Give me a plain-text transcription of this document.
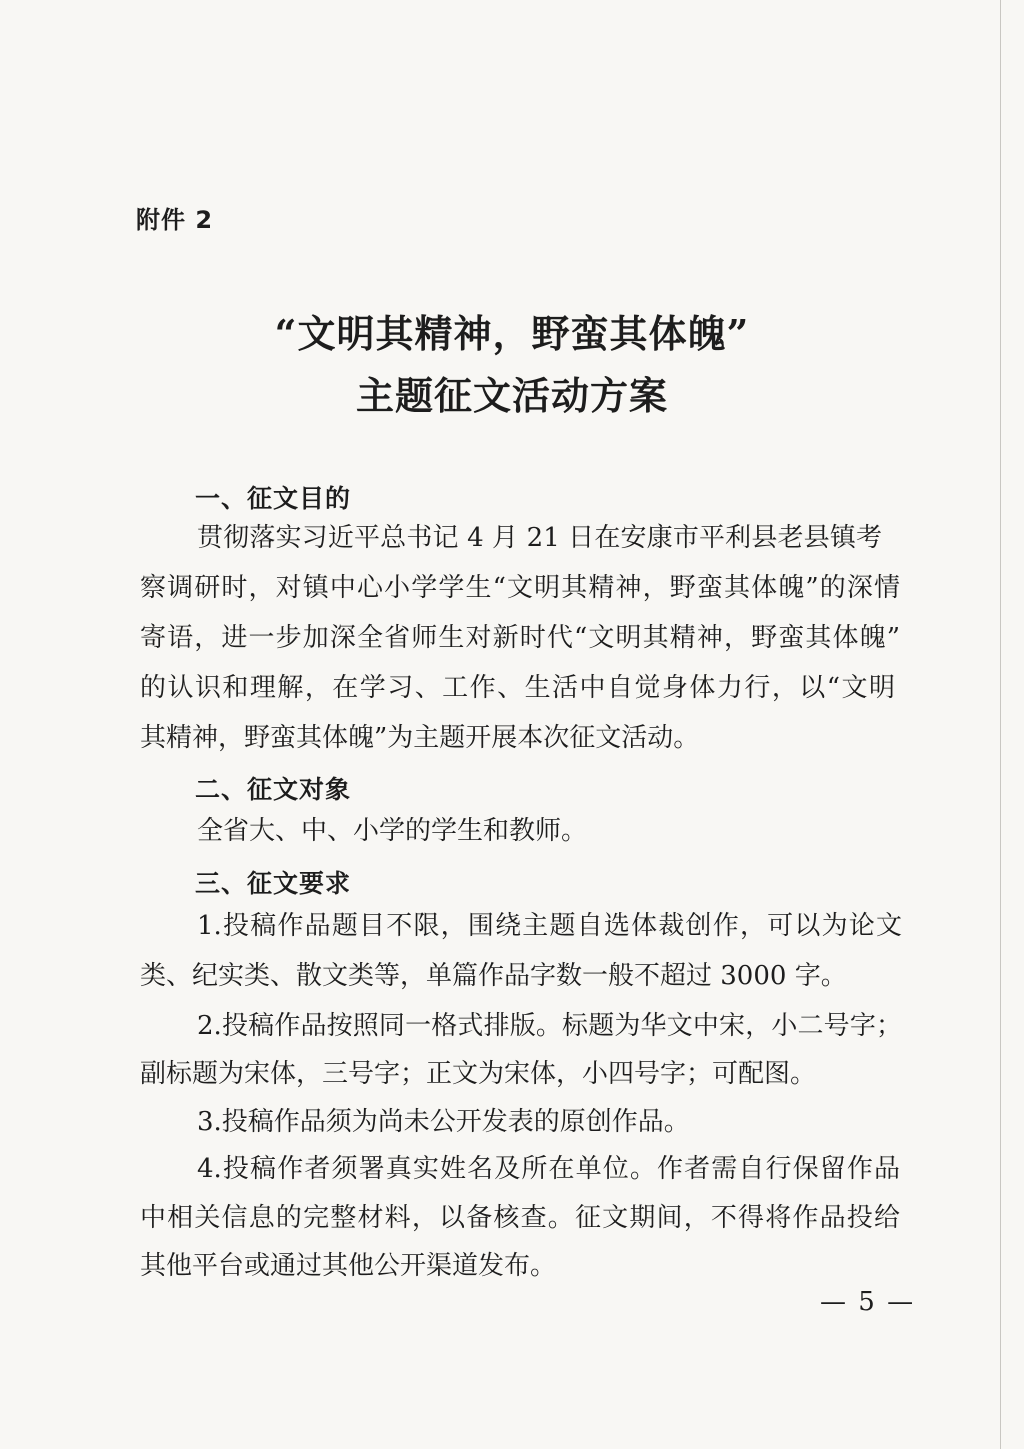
附件 2
“文明其精神，野蛮其体魄”
主题征文活动方案
一、征文目的
贯彻落实习近平总书记 4 月 21 日在安康市平利县老县镇考
察调研时，对镇中心小学学生“文明其精神，野蛮其体魄”的深情
寄语，进一步加深全省师生对新时代“文明其精神，野蛮其体魄”
的认识和理解，在学习、工作、生活中自觉身体力行，以“文明
其精神，野蛮其体魄”为主题开展本次征文活动。
二、征文对象
全省大、中、小学的学生和教师。
三、征文要求
1.投稿作品题目不限，围绕主题自选体裁创作，可以为论文
类、纪实类、散文类等，单篇作品字数一般不超过 3000 字。
2.投稿作品按照同一格式排版。标题为华文中宋，小二号字；
副标题为宋体，三号字；正文为宋体，小四号字；可配图。
3.投稿作品须为尚未公开发表的原创作品。
4.投稿作者须署真实姓名及所在单位。作者需自行保留作品
中相关信息的完整材料，以备核查。征文期间，不得将作品投给
其他平台或通过其他公开渠道发布。
— 5 —
